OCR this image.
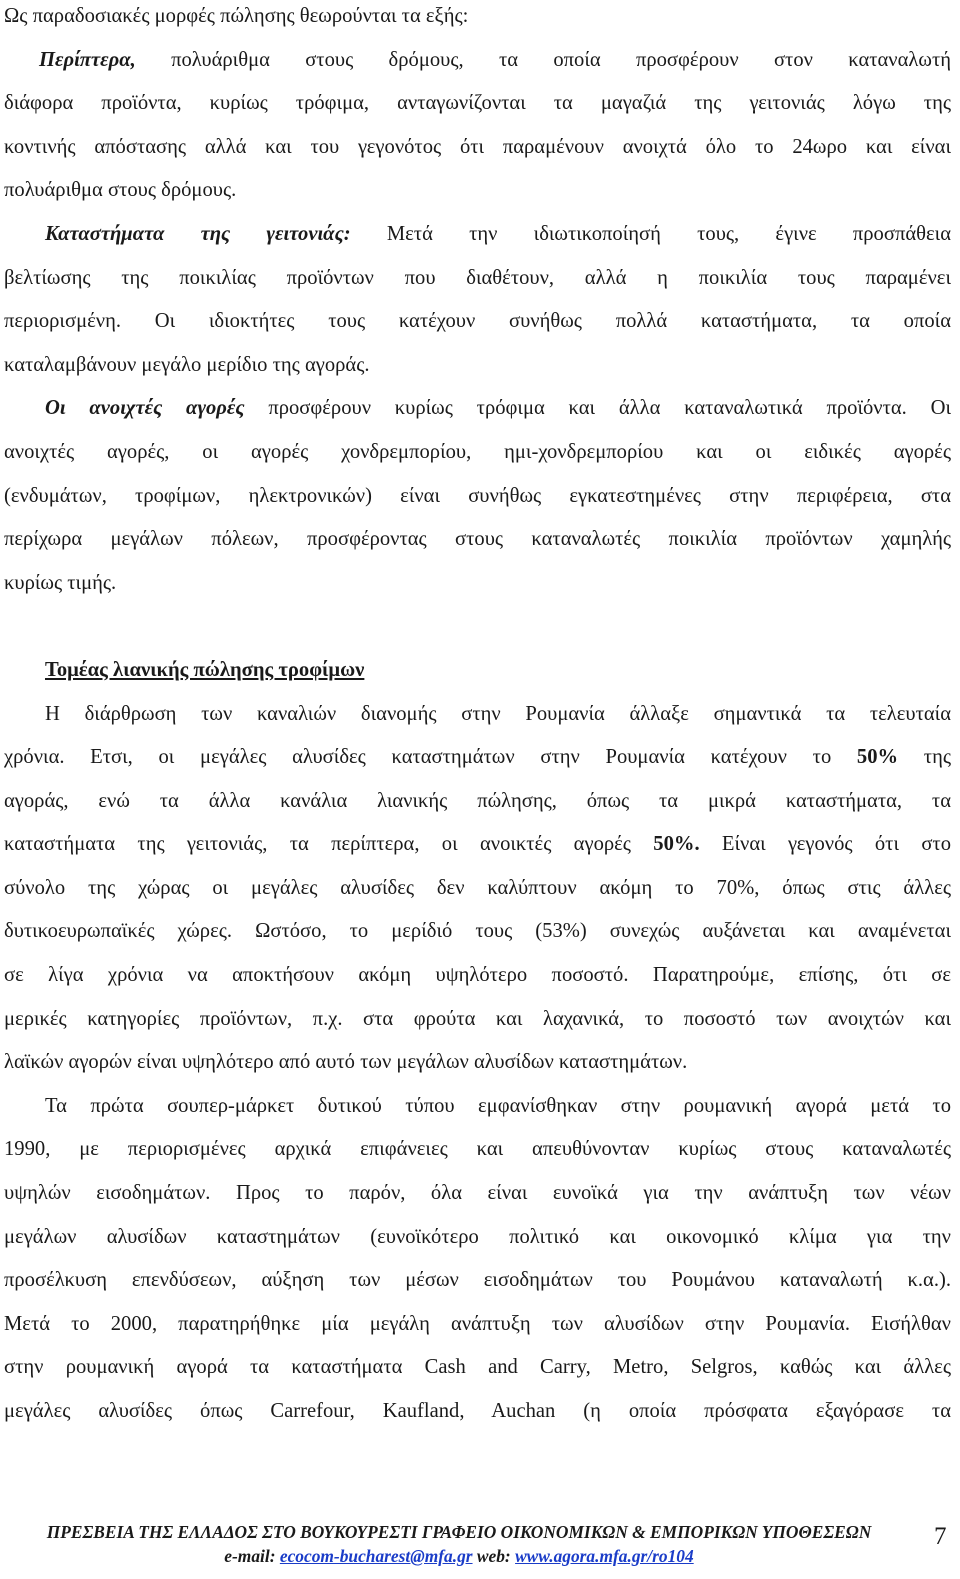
Ως παραδοσιακές μορφές πώλησης θεωρούνται τα εξής:
Περίπτερα, πολυάριθμα στους δρόμους, τα οποία προσφέρουν στον καταναλωτή
διάφορα προϊόντα, κυρίως τρόφιμα, ανταγωνίζονται τα μαγαζιά της γειτονιάς λόγω της
κοντινής απόστασης αλλά και του γεγονότος ότι παραμένουν ανοιχτά όλο το 24ωρο και είναι
πολυάριθμα στους δρόμους.
Καταστήματα της γειτονιάς: Μετά την ιδιωτικοποίησή τους, έγινε προσπάθεια
βελτίωσης της ποικιλίας προϊόντων που διαθέτουν, αλλά η ποικιλία τους παραμένει
περιορισμένη. Οι ιδιοκτήτες τους κατέχουν συνήθως πολλά καταστήματα, τα οποία
καταλαμβάνουν μεγάλο μερίδιο της αγοράς.
Οι ανοιχτές αγορές προσφέρουν κυρίως τρόφιμα και άλλα καταναλωτικά προϊόντα. Οι
ανοιχτές αγορές, οι αγορές χονδρεμπορίου, ημι-χονδρεμπορίου και οι ειδικές αγορές
(ενδυμάτων, τροφίμων, ηλεκτρονικών) είναι συνήθως εγκατεστημένες στην περιφέρεια, στα
περίχωρα μεγάλων πόλεων, προσφέροντας στους καταναλωτές ποικιλία προϊόντων χαμηλής
κυρίως τιμής.
Τομέας λιανικής πώλησης τροφίμων
Η διάρθρωση των καναλιών διανομής στην Ρουμανία άλλαξε σημαντικά τα τελευταία
χρόνια. Ετσι, οι μεγάλες αλυσίδες καταστημάτων στην Ρουμανία κατέχουν το 50% της
αγοράς, ενώ τα άλλα κανάλια λιανικής πώλησης, όπως τα μικρά καταστήματα, τα
καταστήματα της γειτονιάς, τα περίπτερα, οι ανοικτές αγορές 50%. Είναι γεγονός ότι στο
σύνολο της χώρας οι μεγάλες αλυσίδες δεν καλύπτουν ακόμη το 70%, όπως στις άλλες
δυτικοευρωπαϊκές χώρες. Ωστόσο, το μερίδιό τους (53%) συνεχώς αυξάνεται και αναμένεται
σε λίγα χρόνια να αποκτήσουν ακόμη υψηλότερο ποσοστό. Παρατηρούμε, επίσης, ότι σε
μερικές κατηγορίες προϊόντων, π.χ. στα φρούτα και λαχανικά, το ποσοστό των ανοιχτών και
λαϊκών αγορών είναι υψηλότερο από αυτό των μεγάλων αλυσίδων καταστημάτων.
Τα πρώτα σουπερ-μάρκετ δυτικού τύπου εμφανίσθηκαν στην ρουμανική αγορά μετά το
1990, με περιορισμένες αρχικά επιφάνειες και απευθύνονταν κυρίως στους καταναλωτές
υψηλών εισοδημάτων. Προς το παρόν, όλα είναι ευνοϊκά για την ανάπτυξη των νέων
μεγάλων αλυσίδων καταστημάτων (ευνοϊκότερο πολιτικό και οικονομικό κλίμα για την
προσέλκυση επενδύσεων, αύξηση των μέσων εισοδημάτων του Ρουμάνου καταναλωτή κ.α.).
Μετά το 2000, παρατηρήθηκε μία μεγάλη ανάπτυξη των αλυσίδων στην Ρουμανία. Εισήλθαν
στην ρουμανική αγορά τα καταστήματα Cash and Carry, Metro, Selgros, καθώς και άλλες
μεγάλες αλυσίδες όπως Carrefour, Kaufland, Auchan (η οποία πρόσφατα εξαγόρασε τα
ΠΡΕΣΒΕΙΑ ΤΗΣ ΕΛΛΑΔΟΣ ΣΤΟ ΒΟΥΚΟΥΡΕΣΤΙ ΓΡΑΦΕΙΟ ΟΙΚΟΝΟΜΙΚΩΝ & ΕΜΠΟΡΙΚΩΝ ΥΠΟΘΕΣΕΩΝ
e-mail: ecocom-bucharest@mfa.gr web: www.agora.mfa.gr/ro104
7
